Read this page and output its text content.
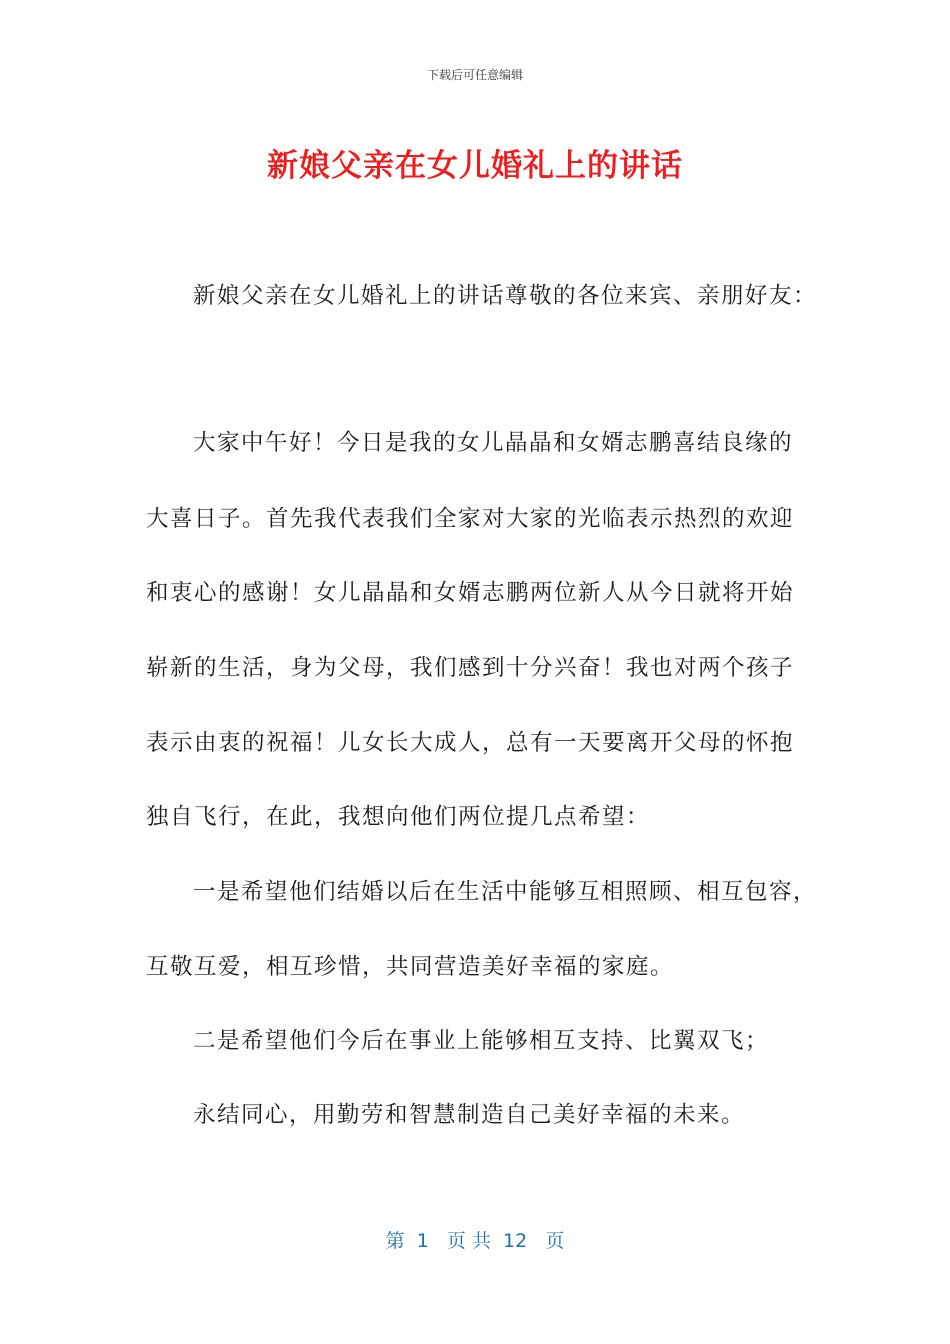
下载后可任意编辑
新娘父亲在女儿婚礼上的讲话
新娘父亲在女儿婚礼上的讲话尊敬的各位来宾、亲朋好友：
大家中午好！今日是我的女儿晶晶和女婿志鹏喜结良缘的
大喜日子。首先我代表我们全家对大家的光临表示热烈的欢迎
和衷心的感谢！女儿晶晶和女婿志鹏两位新人从今日就将开始
崭新的生活，身为父母，我们感到十分兴奋！我也对两个孩子
表示由衷的祝福！儿女长大成人，总有一天要离开父母的怀抱
独自飞行，在此，我想向他们两位提几点希望：
一是希望他们结婚以后在生活中能够互相照顾、相互包容，
互敬互爱，相互珍惜，共同营造美好幸福的家庭。
二是希望他们今后在事业上能够相互支持、比翼双飞；
永结同心，用勤劳和智慧制造自己美好幸福的未来。
第  1   页 共  12   页
